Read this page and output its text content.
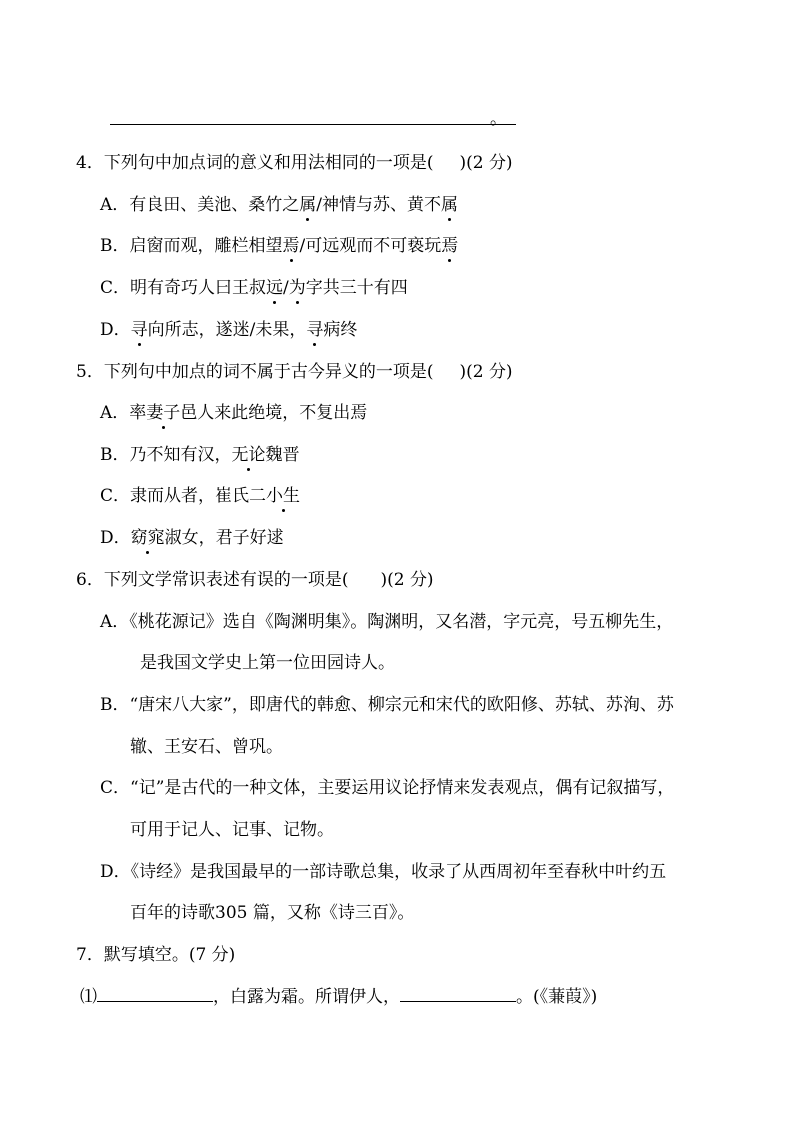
。
4．下列句中加点词的意义和用法相同的一项是( )(2 分)
A．有良田、美池、桑竹之属/神情与苏、黄不属
B．启窗而观，雕栏相望焉/可远观而不可亵玩焉
C．明有奇巧人曰王叔远/为字共三十有四
D．寻向所志，遂迷/未果，寻病终
5．下列句中加点的词不属于古今异义的一项是( )(2 分)
A．率妻子邑人来此绝境，不复出焉
B．乃不知有汉，无论魏晋
C．隶而从者，崔氏二小生
D．窈窕淑女，君子好逑
6．下列文学常识表述有误的一项是( )(2 分)
A．《桃花源记》选自《陶渊明集》。陶渊明，又名潜，字元亮，号五柳先生，
是我国文学史上第一位田园诗人。
B．“唐宋八大家”，即唐代的韩愈、柳宗元和宋代的欧阳修、苏轼、苏洵、苏
辙、王安石、曾巩。
C．“记”是古代的一种文体，主要运用议论抒情来发表观点，偶有记叙描写，
可用于记人、记事、记物。
D．《诗经》是我国最早的一部诗歌总集，收录了从西周初年至春秋中叶约五
百年的诗歌305 篇，又称《诗三百》。
7．默写填空。(7 分)
⑴	，白露为霜。所谓伊人，	。(《蒹葭》)
